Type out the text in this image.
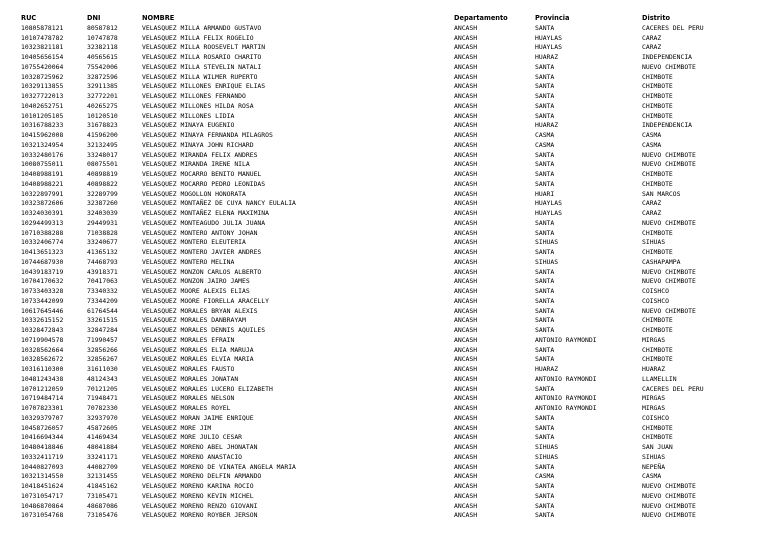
RUC	DNI	NOMBRE	Departamento	Provincia	Distrito
10805878121	80587812	VELASQUEZ MILLA ARMANDO GUSTAVO	ANCASH	SANTA	CACERES DEL PERU
10107478782	10747878	VELASQUEZ MILLA FELIX ROGELIO	ANCASH	HUAYLAS	CARAZ
10323821181	32382118	VELASQUEZ MILLA ROOSEVELT MARTIN	ANCASH	HUAYLAS	CARAZ
10405656154	40565615	VELASQUEZ MILLA ROSARIO CHARITO	ANCASH	HUARAZ	INDEPENDENCIA
10755420064	75542006	VELASQUEZ MILLA STEVELIN NATALI	ANCASH	SANTA	NUEVO CHIMBOTE
10328725962	32872596	VELASQUEZ MILLA WILMER RUPERTO	ANCASH	SANTA	CHIMBOTE
10329113855	32911385	VELASQUEZ MILLONES ENRIQUE ELIAS	ANCASH	SANTA	CHIMBOTE
10327722013	32772201	VELASQUEZ MILLONES FERNANDO	ANCASH	SANTA	CHIMBOTE
10402652751	40265275	VELASQUEZ MILLONES HILDA ROSA	ANCASH	SANTA	CHIMBOTE
10101205105	10120510	VELASQUEZ MILLONES LIDIA	ANCASH	SANTA	CHIMBOTE
10316788233	31678823	VELASQUEZ MINAYA EUGENIO	ANCASH	HUARAZ	INDEPENDENCIA
10415962008	41596200	VELASQUEZ MINAYA FERNANDA MILAGROS	ANCASH	CASMA	CASMA
10321324954	32132495	VELASQUEZ MINAYA JOHN RICHARD	ANCASH	CASMA	CASMA
10332480176	33248017	VELASQUEZ MIRANDA FELIX ANDRES	ANCASH	SANTA	NUEVO CHIMBOTE
10080755011	08075501	VELASQUEZ MIRANDA IRENE NILA	ANCASH	SANTA	NUEVO CHIMBOTE
10408988191	40898819	VELASQUEZ MOCARRO BENITO MANUEL	ANCASH	SANTA	CHIMBOTE
10408988221	40898822	VELASQUEZ MOCARRO PEDRO LEONIDAS	ANCASH	SANTA	CHIMBOTE
10322897991	32289799	VELASQUEZ MOGOLLON HONORATA	ANCASH	HUARI	SAN MARCOS
10323872606	32387260	VELASQUEZ MONTAÑEZ DE CUYA NANCY EULALIA	ANCASH	HUAYLAS	CARAZ
10324030391	32403039	VELASQUEZ MONTAÑEZ ELENA MAXIMINA	ANCASH	HUAYLAS	CARAZ
10294499313	29449931	VELASQUEZ MONTEAGUDO JULIA JUANA	ANCASH	SANTA	NUEVO CHIMBOTE
10710388288	71038828	VELASQUEZ MONTERO ANTONY JOHAN	ANCASH	SANTA	CHIMBOTE
10332406774	33240677	VELASQUEZ MONTERO ELEUTERIA	ANCASH	SIHUAS	SIHUAS
10413651323	41365132	VELASQUEZ MONTERO JAVIER ANDRES	ANCASH	SANTA	CHIMBOTE
10744687930	74468793	VELASQUEZ MONTERO MELINA	ANCASH	SIHUAS	CASHAPAMPA
10439183719	43918371	VELASQUEZ MONZON CARLOS ALBERTO	ANCASH	SANTA	NUEVO CHIMBOTE
10704170632	70417063	VELASQUEZ MONZON JAIRO JAMES	ANCASH	SANTA	NUEVO CHIMBOTE
10733403328	73340332	VELASQUEZ MOORE ALEXIS ELIAS	ANCASH	SANTA	COISHCO
10733442099	73344209	VELASQUEZ MOORE FIORELLA ARACELLY	ANCASH	SANTA	COISHCO
10617645446	61764544	VELASQUEZ MORALES BRYAN ALEXIS	ANCASH	SANTA	NUEVO CHIMBOTE
10332615152	33261515	VELASQUEZ MORALES DANBRAYAM	ANCASH	SANTA	CHIMBOTE
10328472843	32847284	VELASQUEZ MORALES DENNIS AQUILES	ANCASH	SANTA	CHIMBOTE
10719904578	71990457	VELASQUEZ MORALES EFRAIN	ANCASH	ANTONIO RAYMONDI	MIRGAS
10328562664	32856266	VELASQUEZ MORALES ELIA MARUJA	ANCASH	SANTA	CHIMBOTE
10328562672	32856267	VELASQUEZ MORALES ELVIA MARIA	ANCASH	SANTA	CHIMBOTE
10316110300	31611030	VELASQUEZ MORALES FAUSTO	ANCASH	HUARAZ	HUARAZ
10481243438	48124343	VELASQUEZ MORALES JONATAN	ANCASH	ANTONIO RAYMONDI	LLAMELLIN
10701212059	70121205	VELASQUEZ MORALES LUCERO ELIZABETH	ANCASH	SANTA	CACERES DEL PERU
10719484714	71948471	VELASQUEZ MORALES NELSON	ANCASH	ANTONIO RAYMONDI	MIRGAS
10707823301	70782330	VELASQUEZ MORALES ROYEL	ANCASH	ANTONIO RAYMONDI	MIRGAS
10329379707	32937970	VELASQUEZ MORAN JAIME ENRIQUE	ANCASH	SANTA	COISHCO
10458726057	45872605	VELASQUEZ MORE JIM	ANCASH	SANTA	CHIMBOTE
10416694344	41469434	VELASQUEZ MORE JULIO CESAR	ANCASH	SANTA	CHIMBOTE
10480418846	48041884	VELASQUEZ MORENO ABEL JHONATAN	ANCASH	SIHUAS	SAN JUAN
10332411719	33241171	VELASQUEZ MORENO ANASTACIO	ANCASH	SIHUAS	SIHUAS
10440827093	44082709	VELASQUEZ MORENO DE VINATEA ANGELA MARIA	ANCASH	SANTA	NEPEÑA
10321314550	32131455	VELASQUEZ MORENO DELFIN ARMANDO	ANCASH	CASMA	CASMA
10418451624	41845162	VELASQUEZ MORENO KARINA ROCIO	ANCASH	SANTA	NUEVO CHIMBOTE
10731054717	73105471	VELASQUEZ MORENO KEVIN MICHEL	ANCASH	SANTA	NUEVO CHIMBOTE
10486870864	48687086	VELASQUEZ MORENO RENZO GIOVANI	ANCASH	SANTA	NUEVO CHIMBOTE
10731054768	73105476	VELASQUEZ MORENO ROYBER JERSON	ANCASH	SANTA	NUEVO CHIMBOTE
